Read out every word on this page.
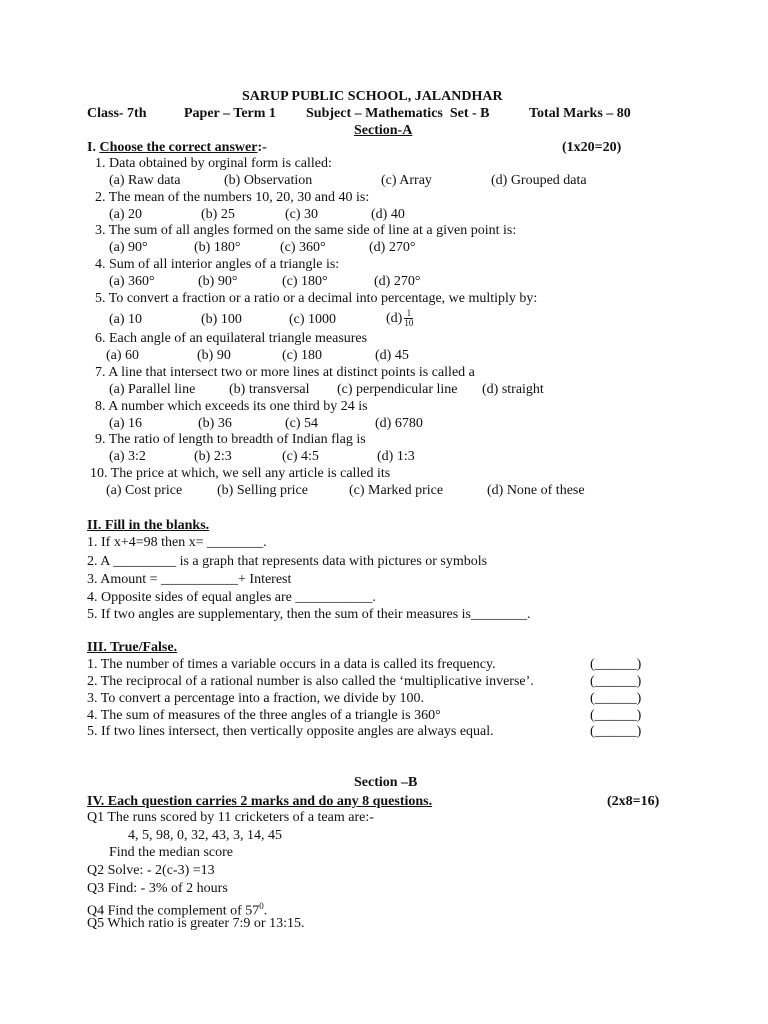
SARUP PUBLIC SCHOOL, JALANDHAR
Class- 7th	Paper – Term 1 Subject – Mathematics  Set - B	Total Marks – 80
Section-A
I. Choose the correct answer:-	(1x20=20)
1. Data obtained by orginal form is called:
(a) Raw data	(b) Observation	(c) Array	(d) Grouped data
2. The mean of the numbers 10, 20, 30 and 40 is:
(a) 20	(b) 25	(c) 30	(d) 40
3. The sum of all angles formed on the same side of line at a given point is:
(a) 90°	(b) 180°	(c) 360°	(d) 270°
4. Sum of all interior angles of a triangle is:
(a) 360°	(b) 90°	(c) 180°	(d) 270°
5. To convert a fraction or a ratio or a decimal into percentage, we multiply by:
(a) 10	(b) 100	(c) 1000	$(d) \frac{1}{10}$
6. Each angle of an equilateral triangle measures
(a) 60	(b) 90	(c) 180	(d) 45
7. A line that intersect two or more lines at distinct points is called a
(a) Parallel line (b) transversal (c) perpendicular line (d) straight
8. A number which exceeds its one third by 24 is
(a) 16	(b) 36	(c) 54	(d) 6780
9. The ratio of length to breadth of Indian flag is
(a) 3:2	(b) 2:3	(c) 4:5	(d) 1:3
10. The price at which, we sell any article is called its
(a) Cost price (b) Selling price	(c) Marked price	(d) None of these
II. Fill in the blanks.
1. If x+4=98 then x= ________.
2. A _________ is a graph that represents data with pictures or symbols
3. Amount = ___________+ Interest
4. Opposite sides of equal angles are ___________.
5. If two angles are supplementary, then the sum of their measures is________.
III. True/False.
1. The number of times a variable occurs in a data is called its frequency.	(______)
2. The reciprocal of a rational number is also called the ‘multiplicative inverse’.	(______)
3. To convert a percentage into a fraction, we divide by 100.	(______)
4. The sum of measures of the three angles of a triangle is 360°	(______)
5. If two lines intersect, then vertically opposite angles are always equal.	(______)
Section –B
IV. Each question carries 2 marks and do any 8 questions.	(2x8=16)
Q1 The runs scored by 11 cricketers of a team are:-
4, 5, 98, 0, 32, 43, 3, 14, 45
Find the median score
Q2 Solve: - 2(c-3) =13
Q3 Find: - 3% of 2 hours
Q4 Find the complement of $57^0$.
Q5 Which ratio is greater 7:9 or 13:15.
